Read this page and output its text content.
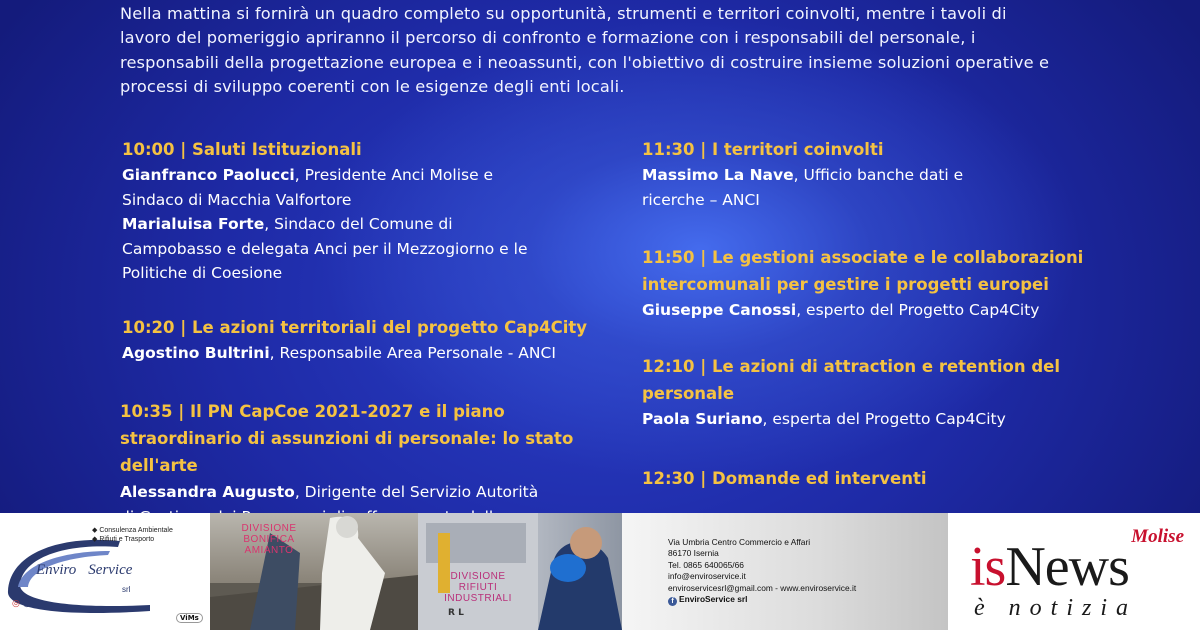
Nella mattina si fornirà un quadro completo su opportunità, strumenti e territori coinvolti, mentre i tavoli di
lavoro del pomeriggio apriranno il percorso di confronto e formazione con i responsabili del personale, i
responsabili della progettazione europea e i neoassunti, con l'obiettivo di costruire insieme soluzioni operative e
processi di sviluppo coerenti con le esigenze degli enti locali.
10:00 | Saluti Istituzionali
Gianfranco Paolucci, Presidente Anci Molise e
Sindaco di Macchia Valfortore
Marialuisa Forte, Sindaco del Comune di
Campobasso e delegata Anci per il Mezzogiorno e le
Politiche di Coesione
10:20 | Le azioni territoriali del progetto Cap4City
Agostino Bultrini, Responsabile Area Personale - ANCI
10:35 | Il PN CapCoe 2021-2027 e il piano
straordinario di assunzioni di personale: lo stato
dell'arte
Alessandra Augusto, Dirigente del Servizio Autorità
11:30 | I territori coinvolti
Massimo La Nave, Ufficio banche dati e
ricerche – ANCI
11:50 | Le gestioni associate e le collaborazioni
intercomunali per gestire i progetti europei
Giuseppe Canossi, esperto del Progetto Cap4City
12:10 | Le azioni di attraction e retention del
personale
Paola Suriano, esperta del Progetto Cap4City
12:30 | Domande ed interventi
◆ Consulenza Ambientale
◆ Rifiuti e Trasporto
Enviro Service
srl
◎ ◉
ViMs
DIVISIONE
BONIFICA
AMIANTO
DIVISIONE
RIFIUTI
INDUSTRIALI
R L
Via Umbria Centro Commercio e Affari
86170 Isernia
Tel. 0865 640065/66
info@enviroservice.it
enviroservicesrl@gmail.com - www.enviroservice.it
f EnviroService srl
Molise
isNews
è notizia
